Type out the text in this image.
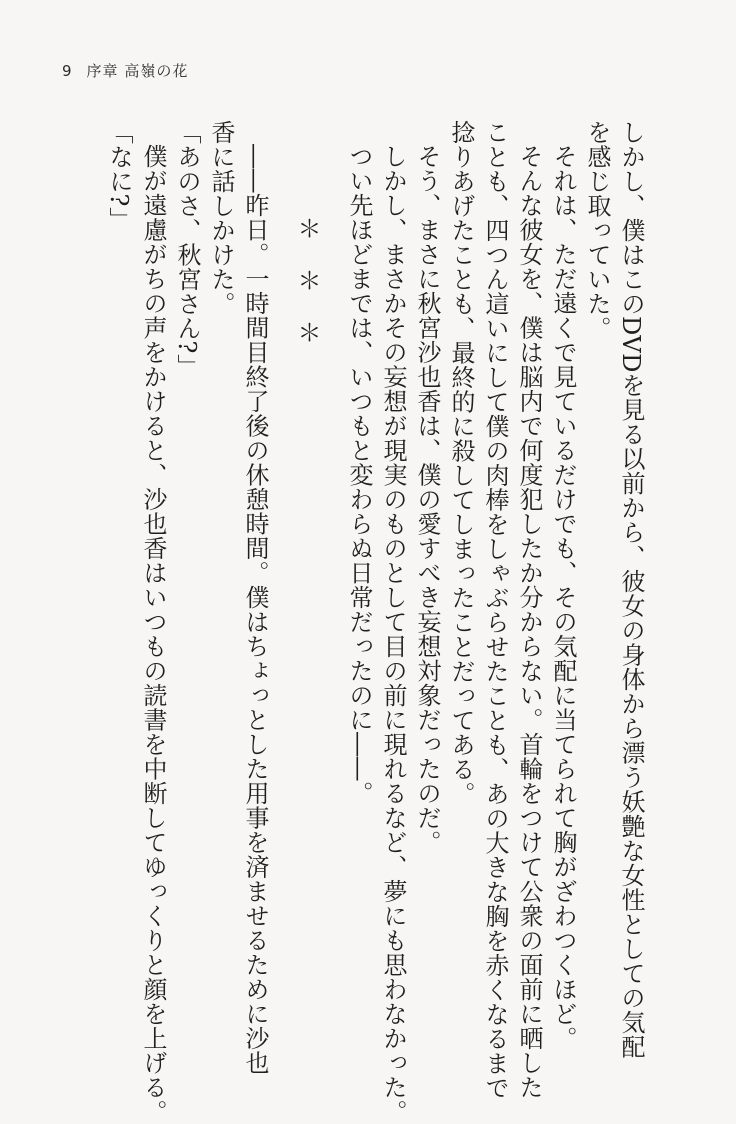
9 序章 高嶺の花
しかし、僕はこのDVDを見る以前から、彼女の身体から漂う妖艶な女性としての気配
を感じ取っていた。
それは、ただ遠くで見ているだけでも、その気配に当てられて胸がざわつくほど。
そんな彼女を、僕は脳内で何度犯したか分からない。首輪をつけて公衆の面前に晒した
ことも、四つん這いにして僕の肉棒をしゃぶらせたことも、あの大きな胸を赤くなるまで
捻りあげたことも、最終的に殺してしまったことだってある。
そう、まさに秋宮沙也香は、僕の愛すべき妄想対象だったのだ。
しかし、まさかその妄想が現実のものとして目の前に現れるなど、夢にも思わなかった。
つい先ほどまでは、いつもと変わらぬ日常だったのに――。
＊＊＊
――昨日。一時間目終了後の休憩時間。僕はちょっとした用事を済ませるために沙也
香に話しかけた。
「あのさ、秋宮さん?」
僕が遠慮がちの声をかけると、沙也香はいつもの読書を中断してゆっくりと顔を上げる。
「なに?」
